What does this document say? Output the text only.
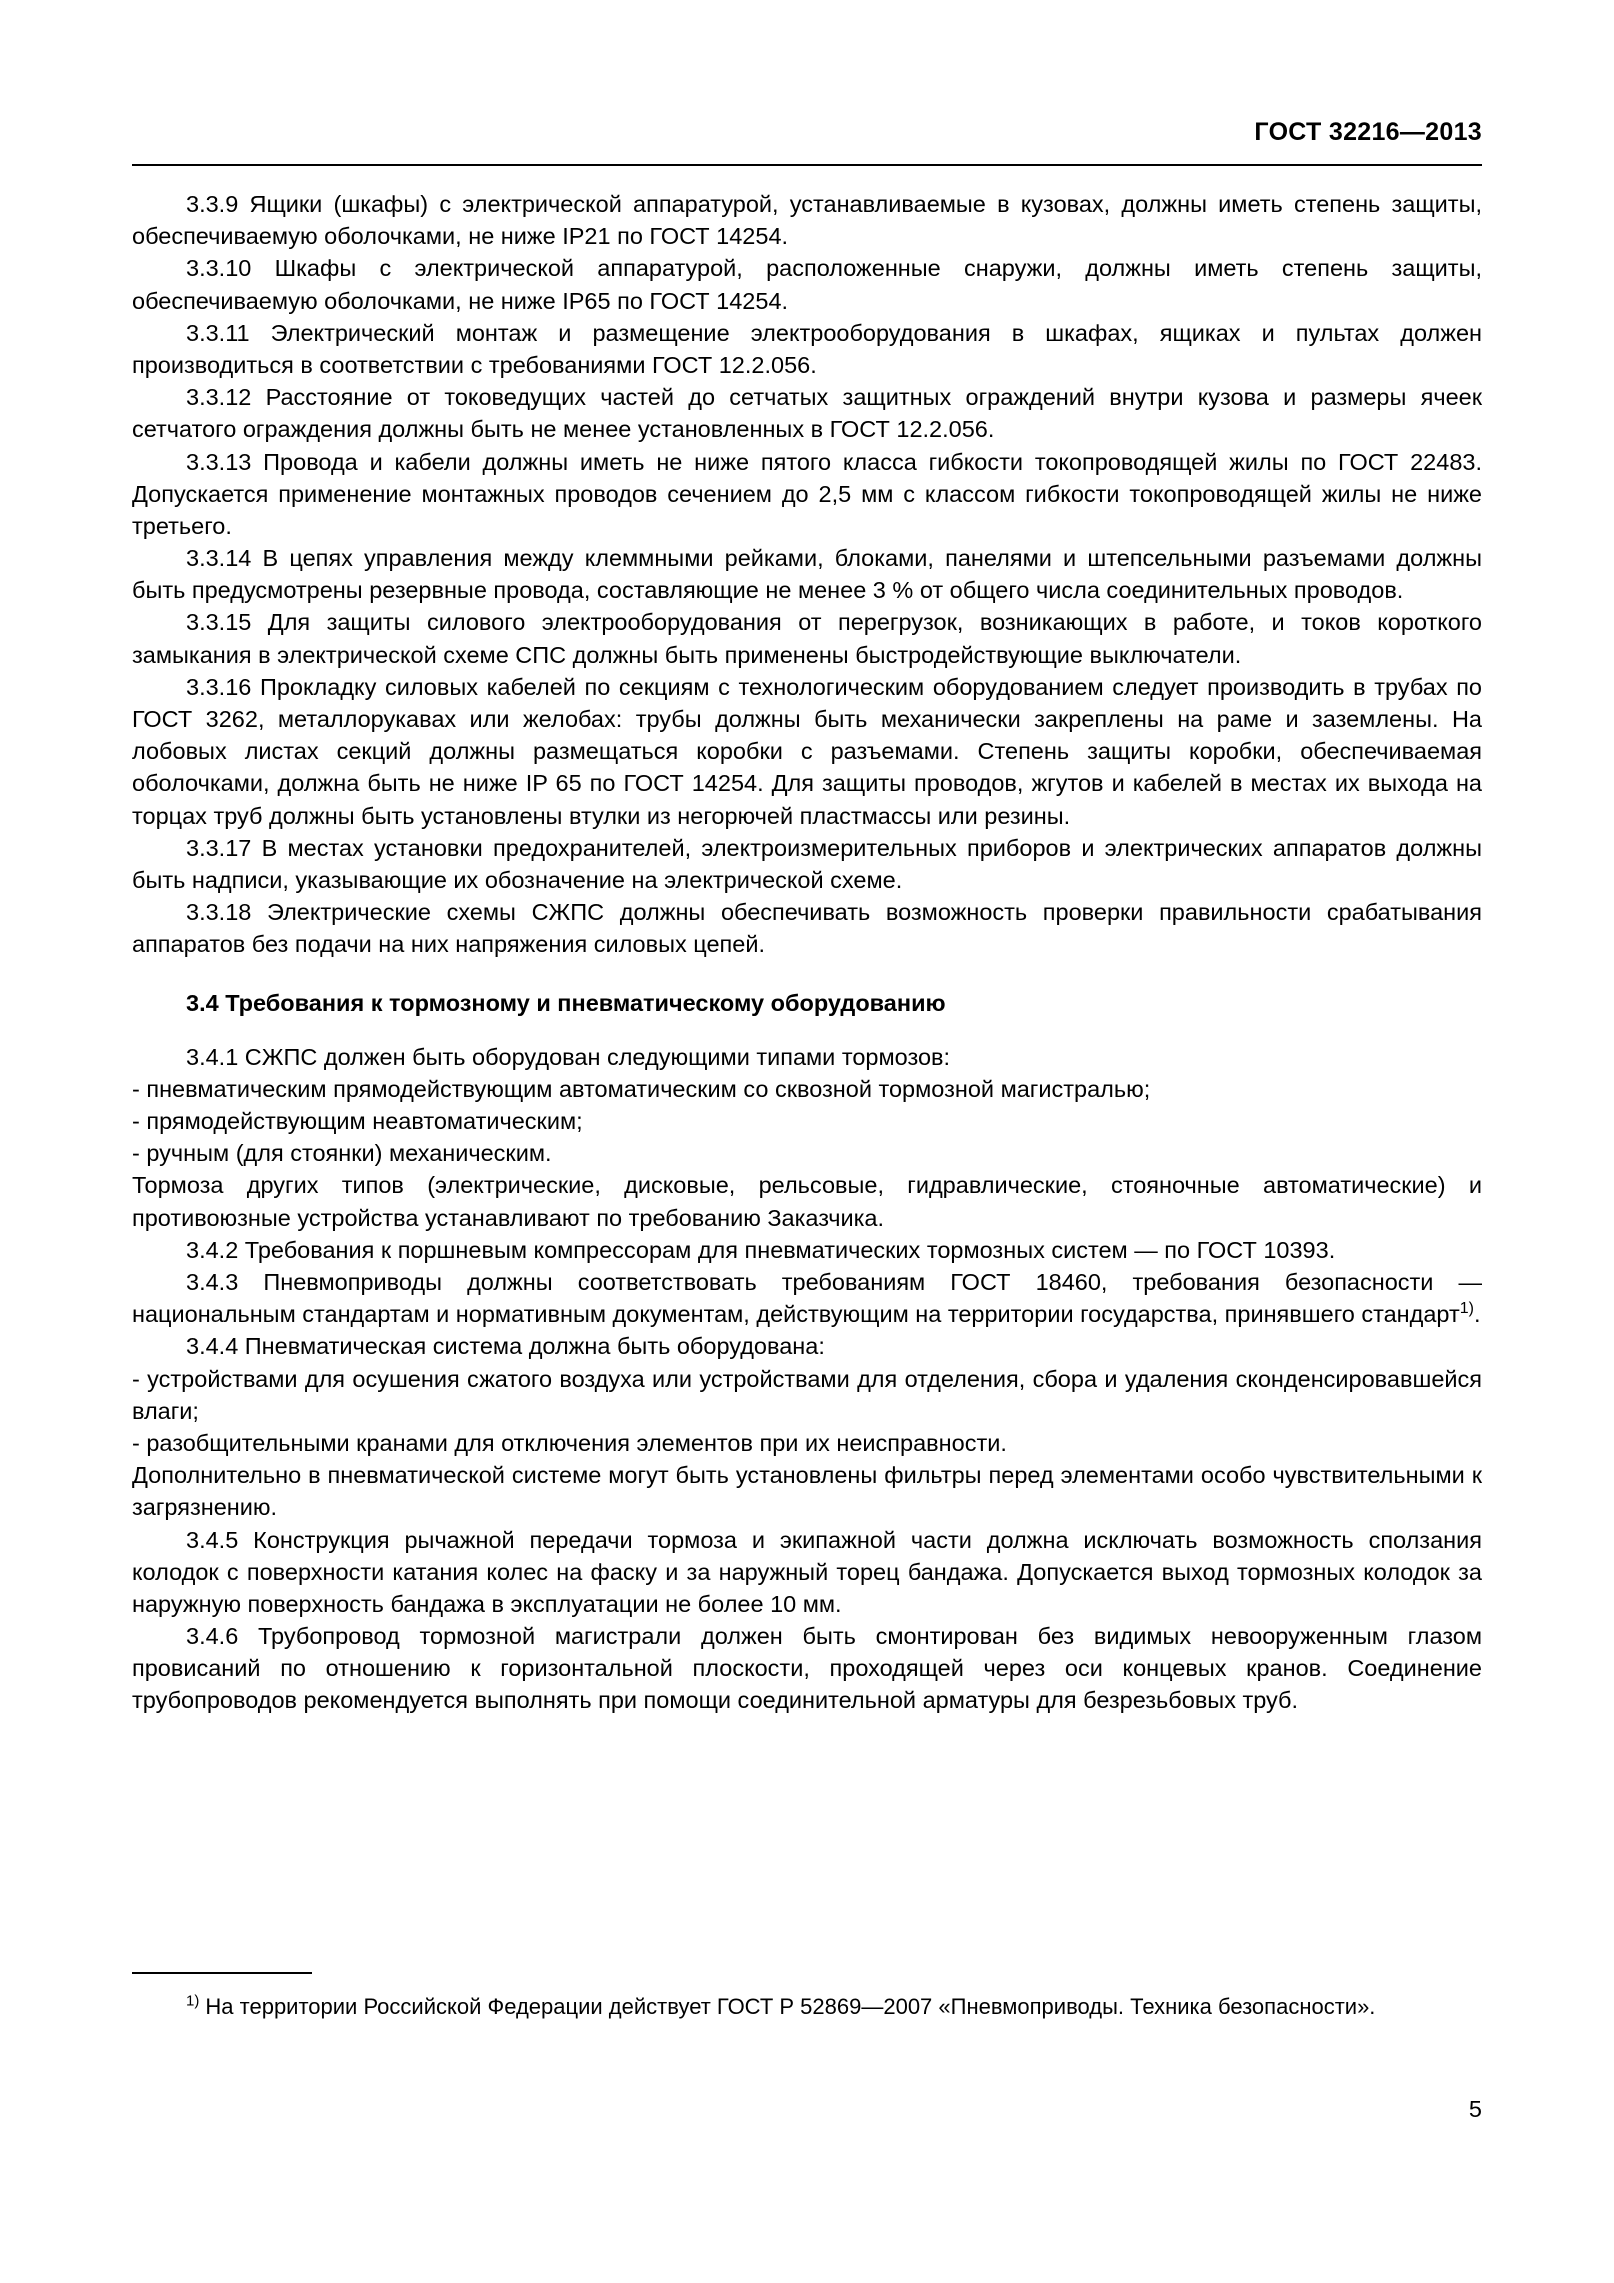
ГОСТ 32216—2013

3.3.9 Ящики (шкафы) с электрической аппаратурой, устанавливаемые в кузовах, должны иметь степень защиты, обеспечиваемую оболочками, не ниже IP21 по ГОСТ 14254.

3.3.10 Шкафы с электрической аппаратурой, расположенные снаружи, должны иметь степень защиты, обеспечиваемую оболочками, не ниже IP65 по ГОСТ 14254.

3.3.11 Электрический монтаж и размещение электрооборудования в шкафах, ящиках и пультах должен производиться в соответствии с требованиями ГОСТ 12.2.056.

3.3.12 Расстояние от токоведущих частей до сетчатых защитных ограждений внутри кузова и размеры ячеек сетчатого ограждения должны быть не менее установленных в ГОСТ 12.2.056.

3.3.13 Провода и кабели должны иметь не ниже пятого класса гибкости токопроводящей жилы по ГОСТ 22483. Допускается применение монтажных проводов сечением до 2,5 мм с классом гибкости токопроводящей жилы не ниже третьего.

3.3.14 В цепях управления между клеммными рейками, блоками, панелями и штепсельными разъемами должны быть предусмотрены резервные провода, составляющие не менее 3 % от общего числа соединительных проводов.

3.3.15 Для защиты силового электрооборудования от перегрузок, возникающих в работе, и токов короткого замыкания в электрической схеме СПС должны быть применены быстродействующие выключатели.

3.3.16 Прокладку силовых кабелей по секциям с технологическим оборудованием следует производить в трубах по ГОСТ 3262, металлорукавах или желобах: трубы должны быть механически закреплены на раме и заземлены. На лобовых листах секций должны размещаться коробки с разъемами. Степень защиты коробки, обеспечиваемая оболочками, должна быть не ниже IP 65 по ГОСТ 14254. Для защиты проводов, жгутов и кабелей в местах их выхода на торцах труб должны быть установлены втулки из негорючей пластмассы или резины.

3.3.17 В местах установки предохранителей, электроизмерительных приборов и электрических аппаратов должны быть надписи, указывающие их обозначение на электрической схеме.

3.3.18 Электрические схемы СЖПС должны обеспечивать возможность проверки правильности срабатывания аппаратов без подачи на них напряжения силовых цепей.

3.4 Требования к тормозному и пневматическому оборудованию

3.4.1 СЖПС должен быть оборудован следующими типами тормозов:

- пневматическим прямодействующим автоматическим со сквозной тормозной магистралью;

- прямодействующим неавтоматическим;

- ручным (для стоянки) механическим.

Тормоза других типов (электрические, дисковые, рельсовые, гидравлические, стояночные автоматические) и противоюзные устройства устанавливают по требованию Заказчика.

3.4.2 Требования к поршневым компрессорам для пневматических тормозных систем — по ГОСТ 10393.

3.4.3 Пневмоприводы должны соответствовать требованиям ГОСТ 18460, требования безопасности — национальным стандартам и нормативным документам, действующим на территории государства, принявшего стандарт$^{1)}$.

3.4.4 Пневматическая система должна быть оборудована:

- устройствами для осушения сжатого воздуха или устройствами для отделения, сбора и удаления сконденсировавшейся влаги;

- разобщительными кранами для отключения элементов при их неисправности.

Дополнительно в пневматической системе могут быть установлены фильтры перед элементами особо чувствительными к загрязнению.

3.4.5 Конструкция рычажной передачи тормоза и экипажной части должна исключать возможность сползания колодок с поверхности катания колес на фаску и за наружный торец бандажа. Допускается выход тормозных колодок за наружную поверхность бандажа в эксплуатации не более 10 мм.

3.4.6 Трубопровод тормозной магистрали должен быть смонтирован без видимых невооруженным глазом провисаний по отношению к горизонтальной плоскости, проходящей через оси концевых кранов. Соединение трубопроводов рекомендуется выполнять при помощи соединительной арматуры для безрезьбовых труб.

$^{1)}$ На территории Российской Федерации действует ГОСТ Р 52869—2007 «Пневмоприводы. Техника безопасности».

5
